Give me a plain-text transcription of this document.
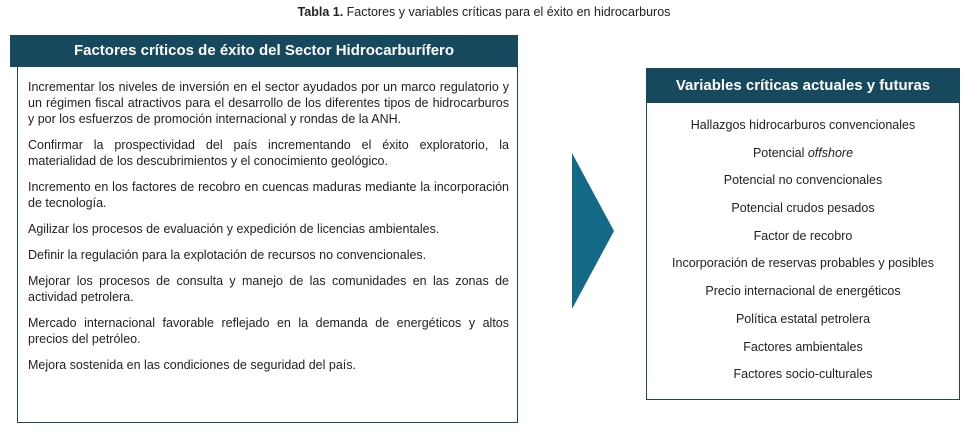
Tabla 1. Factores y variables críticas para el éxito en hidrocarburos
Factores críticos de éxito del Sector Hidrocarburífero

Incrementar los niveles de inversión en el sector ayudados por un marco regulatorio y un régimen fiscal atractivos para el desarrollo de los diferentes tipos de hidrocarburos y por los esfuerzos de promoción internacional y rondas de la ANH.

Confirmar la prospectividad del país incrementando el éxito exploratorio, la materialidad de los descubrimientos y el conocimiento geológico.

Incremento en los factores de recobro en cuencas maduras mediante la incorporación de tecnología.

Agilizar los procesos de evaluación y expedición de licencias ambientales.

Definir la regulación para la explotación de recursos no convencionales.

Mejorar los procesos de consulta y manejo de las comunidades en las zonas de actividad petrolera.

Mercado internacional favorable reflejado en la demanda de energéticos y altos precios del petróleo.

Mejora sostenida en las condiciones de seguridad del país.

Variables críticas actuales y futuras
Hallazgos hidrocarburos convencionales
Potencial offshore
Potencial no convencionales
Potencial crudos pesados
Factor de recobro
Incorporación de reservas probables y posibles
Precio internacional de energéticos
Política estatal petrolera
Factores ambientales
Factores socio-culturales
